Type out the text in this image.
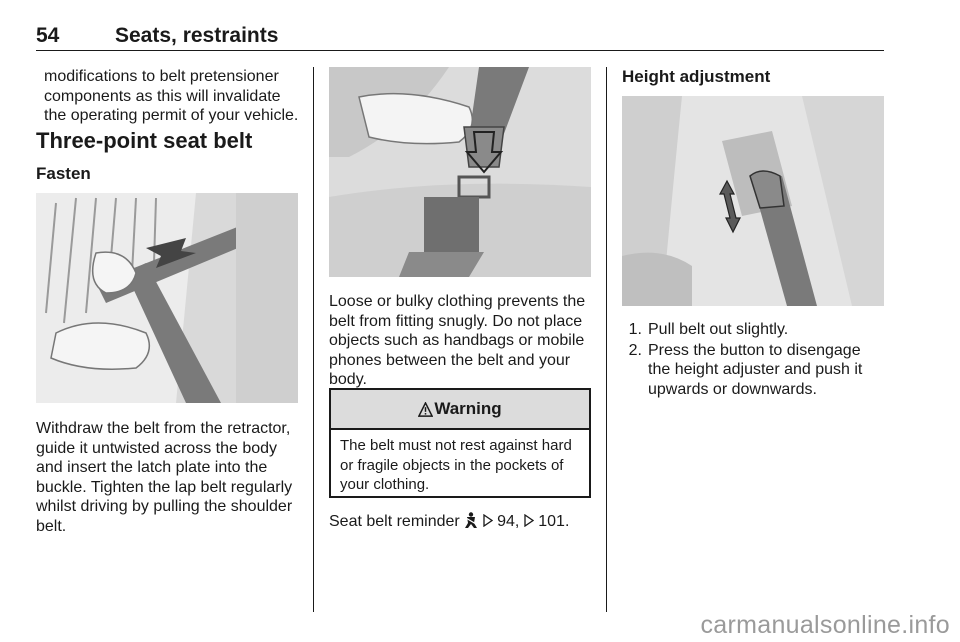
54	Seats, restraints
modifications to belt pretensioner components as this will invalidate the operating permit of your vehicle.
Three-point seat belt
Fasten
Withdraw the belt from the retractor, guide it untwisted across the body and insert the latch plate into the buckle. Tighten the lap belt regularly whilst driving by pulling the shoulder belt.
Loose or bulky clothing prevents the belt from fitting snugly. Do not place objects such as handbags or mobile phones between the belt and your body.
Warning
The belt must not rest against hard or fragile objects in the pockets of your clothing.
Seat belt reminder 94, 101.
Height adjustment
1. Pull belt out slightly.
2. Press the button to disengage the height adjuster and push it upwards or downwards.
carmanualsonline.info
